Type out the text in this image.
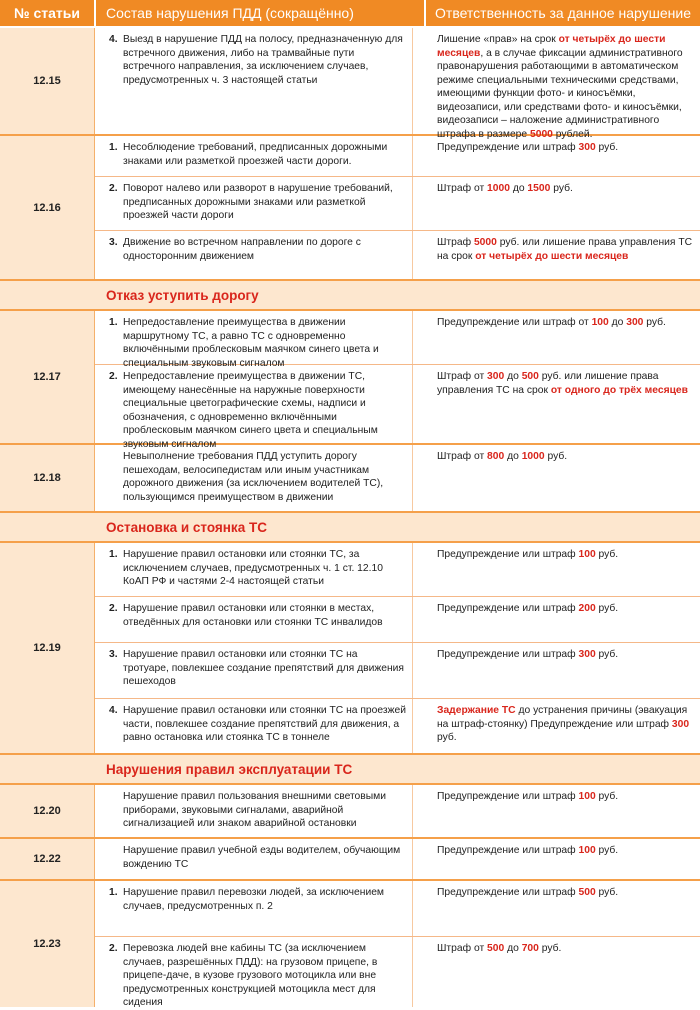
№ статьи	Состав нарушения ПДД (сокращённо)	Ответственность за данное нарушение
12.15
4. Выезд в нарушение ПДД на полосу, предназначенную для встречного движения, либо на трамвайные пути встречного направления, за исключением случаев, предусмотренных ч. 3 настоящей статьи
Лишение «прав» на срок от четырёх до шести месяцев, а в случае фиксации административного правонарушения работающими в автоматическом режиме специальными техническими средствами, имеющими функции фото- и киносъёмки, видеозаписи, или средствами фото- и киносъёмки, видеозаписи – наложение административного штрафа в размере 5000 рублей.
12.16
1. Несоблюдение требований, предписанных дорожными знаками или разметкой проезжей части дороги.
Предупреждение или штраф 300 руб.
2. Поворот налево или разворот в нарушение требований, предписанных дорожными знаками или разметкой проезжей части дороги
Штраф от 1000 до 1500 руб.
3. Движение во встречном направлении по дороге с односторонним движением
Штраф 5000 руб. или лишение права управления ТС на срок от четырёх до шести месяцев
Отказ уступить дорогу
12.17
1. Непредоставление преимущества в движении маршрутному ТС, а равно ТС с одновременно включёнными проблесковым маячком синего цвета и специальным звуковым сигналом
Предупреждение или штраф от 100 до 300 руб.
2. Непредоставление преимущества в движении ТС, имеющему нанесённые на наружные поверхности специальные цветографические схемы, надписи и обозначения, с одновременно включёнными проблесковым маячком синего цвета и специальным звуковым сигналом
Штраф от 300 до 500 руб. или лишение права управления ТС на срок от одного до трёх месяцев
12.18
Невыполнение требования ПДД уступить дорогу пешеходам, велосипедистам или иным участникам дорожного движения (за исключением водителей ТС), пользующимся преимуществом в движении
Штраф от 800 до 1000 руб.
Остановка и стоянка ТС
12.19
1. Нарушение правил остановки или стоянки ТС, за исключением случаев, предусмотренных ч. 1 ст. 12.10 КоАП РФ и частями 2-4 настоящей статьи
Предупреждение или штраф 100 руб.
2. Нарушение правил остановки или стоянки в местах, отведённых для остановки или стоянки ТС инвалидов
Предупреждение или штраф 200 руб.
3. Нарушение правил остановки или стоянки ТС на тротуаре, повлекшее создание препятствий для движения пешеходов
Предупреждение или штраф 300 руб.
4. Нарушение правил остановки или стоянки ТС на проезжей части, повлекшее создание препятствий для движения, а равно остановка или стоянка ТС в тоннеле
Задержание ТС до устранения причины (эвакуация на штраф-стоянку) Предупреждение или штраф 300 руб.
Нарушения правил эксплуатации ТС
12.20
Нарушение правил пользования внешними световыми приборами, звуковыми сигналами, аварийной сигнализацией или знаком аварийной остановки
Предупреждение или штраф 100 руб.
12.22
Нарушение правил учебной езды водителем, обучающим вождению ТС
Предупреждение или штраф 100 руб.
12.23
1. Нарушение правил перевозки людей, за исключением случаев, предусмотренных п. 2
Предупреждение или штраф 500 руб.
2. Перевозка людей вне кабины ТС (за исключением случаев, разрешённых ПДД): на грузовом прицепе, в прицепе-даче, в кузове грузового мотоцикла или вне предусмотренных конструкцией мотоцикла мест для сидения
Штраф от 500 до 700 руб.
